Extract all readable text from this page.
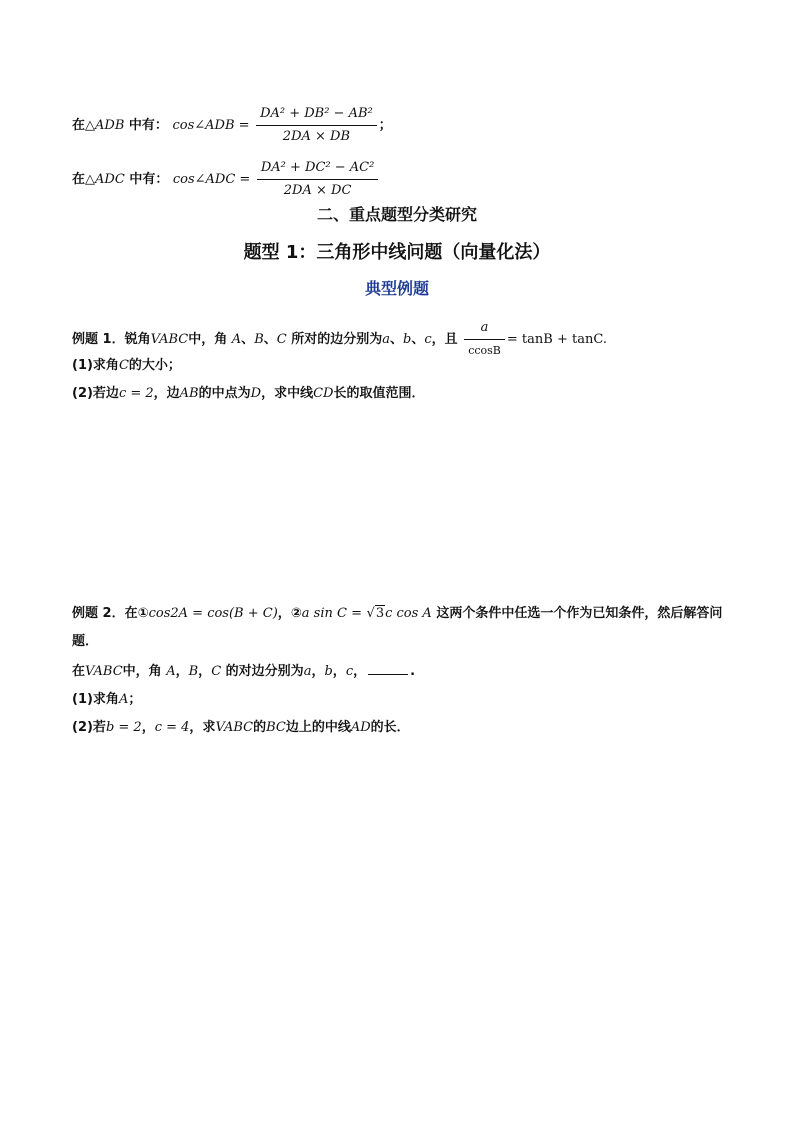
在△ADB 中有： cos∠ADB = $\frac{\text{DA² + DB² − AB²}}{2DA \times DB}$ ；
在△ADC 中有： cos∠ADC = $\frac{\text{DA² + DC² − AC²}}{2DA \times DC}$
二、重点题型分类研究
题型 1：三角形中线问题（向量化法）
典型例题
例题 1．锐角VABC中，角 A、B、C 所对的边分别为a、b、c，且 $\frac{a}{ccosB} = \tan B + \tan C$.
(1)求角C的大小；
(2)若边c = 2，边AB的中点为D，求中线CD长的取值范围．
例题 2．在①cos2A = cos(B + C)，②a sin C = √3c cos A 这两个条件中任选一个作为已知条件，然后解答问
题．
在VABC中，角 A，B，C 的对边分别为a，b，c，	.
(1)求角A；
(2)若b = 2，c = 4，求VABC的BC边上的中线AD的长．
